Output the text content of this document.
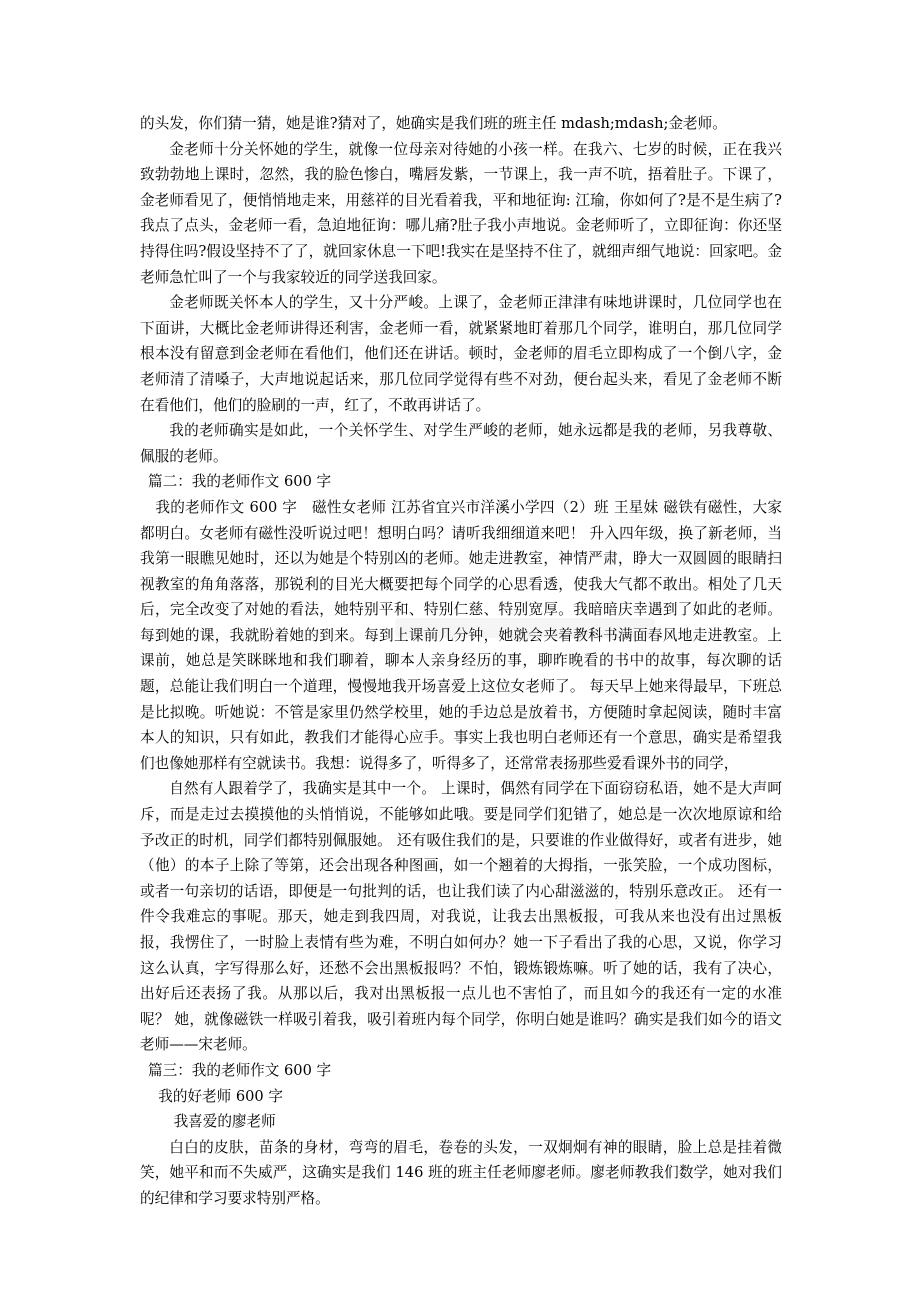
的头发，你们猜一猜，她是谁?猜对了，她确实是我们班的班主任 mdash;mdash;金老师。

金老师十分关怀她的学生，就像一位母亲对待她的小孩一样。在我六、七岁的时候，正在我兴致勃勃地上课时，忽然，我的脸色惨白，嘴唇发紫，一节课上，我一声不吭，捂着肚子。下课了，金老师看见了，便悄悄地走来，用慈祥的目光看着我，平和地征询: 江瑜，你如何了?是不是生病了?我点了点头，金老师一看，急迫地征询：哪儿痛?肚子我小声地说。金老师听了，立即征询：你还坚持得住吗?假设坚持不了了，就回家休息一下吧!我实在是坚持不住了，就细声细气地说：回家吧。金老师急忙叫了一个与我家较近的同学送我回家。

金老师既关怀本人的学生，又十分严峻。上课了，金老师正津津有味地讲课时，几位同学也在下面讲，大概比金老师讲得还利害，金老师一看，就紧紧地盯着那几个同学，谁明白，那几位同学根本没有留意到金老师在看他们，他们还在讲话。顿时，金老师的眉毛立即构成了一个倒八字，金老师清了清嗓子，大声地说起话来，那几位同学觉得有些不对劲，便台起头来，看见了金老师不断在看他们，他们的脸刷的一声，红了，不敢再讲话了。

我的老师确实是如此，一个关怀学生、对学生严峻的老师，她永远都是我的老师，另我尊敬、佩服的老师。

篇二：我的老师作文 600 字

我的老师作文 600 字　磁性女老师 江苏省宜兴市洋溪小学四（2）班 王星妹 磁铁有磁性，大家都明白。女老师有磁性没听说过吧！想明白吗？请听我细细道来吧！ 升入四年级，换了新老师，当我第一眼瞧见她时，还以为她是个特别凶的老师。她走进教室，神情严肃，睁大一双圆圆的眼睛扫视教室的角角落落，那锐利的目光大概要把每个同学的心思看透，使我大气都不敢出。相处了几天后，完全改变了对她的看法，她特别平和、特别仁慈、特别宽厚。我暗暗庆幸遇到了如此的老师。 每到她的课，我就盼着她的到来。每到上课前几分钟，她就会夹着教科书满面春风地走进教室。上课前，她总是笑眯眯地和我们聊着，聊本人亲身经历的事，聊昨晚看的书中的故事，每次聊的话题，总能让我们明白一个道理，慢慢地我开场喜爱上这位女老师了。 每天早上她来得最早，下班总是比拟晚。听她说：不管是家里仍然学校里，她的手边总是放着书，方便随时拿起阅读，随时丰富本人的知识，只有如此，教我们才能得心应手。事实上我也明白老师还有一个意思，确实是希望我们也像她那样有空就读书。我想：说得多了，听得多了，还常常表扬那些爱看课外书的同学，

自然有人跟着学了，我确实是其中一个。 上课时，偶然有同学在下面窃窃私语，她不是大声呵斥，而是走过去摸摸他的头悄悄说，不能够如此哦。要是同学们犯错了，她总是一次次地原谅和给予改正的时机，同学们都特别佩服她。 还有吸住我们的是，只要谁的作业做得好，或者有进步，她（他）的本子上除了等第，还会出现各种图画，如一个翘着的大拇指，一张笑脸，一个成功图标，或者一句亲切的话语，即便是一句批判的话，也让我们读了内心甜滋滋的，特别乐意改正。 还有一件令我难忘的事呢。那天，她走到我四周，对我说，让我去出黑板报，可我从来也没有出过黑板报，我愣住了，一时脸上表情有些为难，不明白如何办？她一下子看出了我的心思，又说，你学习这么认真，字写得那么好，还愁不会出黑板报吗？不怕，锻炼锻炼嘛。听了她的话，我有了决心，出好后还表扬了我。从那以后，我对出黑板报一点儿也不害怕了，而且如今的我还有一定的水准呢？ 她，就像磁铁一样吸引着我，吸引着班内每个同学，你明白她是谁吗？确实是我们如今的语文老师——宋老师。

篇三：我的老师作文 600 字

我的好老师 600 字

我喜爱的廖老师

白白的皮肤，苗条的身材，弯弯的眉毛，卷卷的头发，一双炯炯有神的眼睛，脸上总是挂着微笑，她平和而不失威严，这确实是我们 146 班的班主任老师廖老师。廖老师教我们数学，她对我们的纪律和学习要求特别严格。
